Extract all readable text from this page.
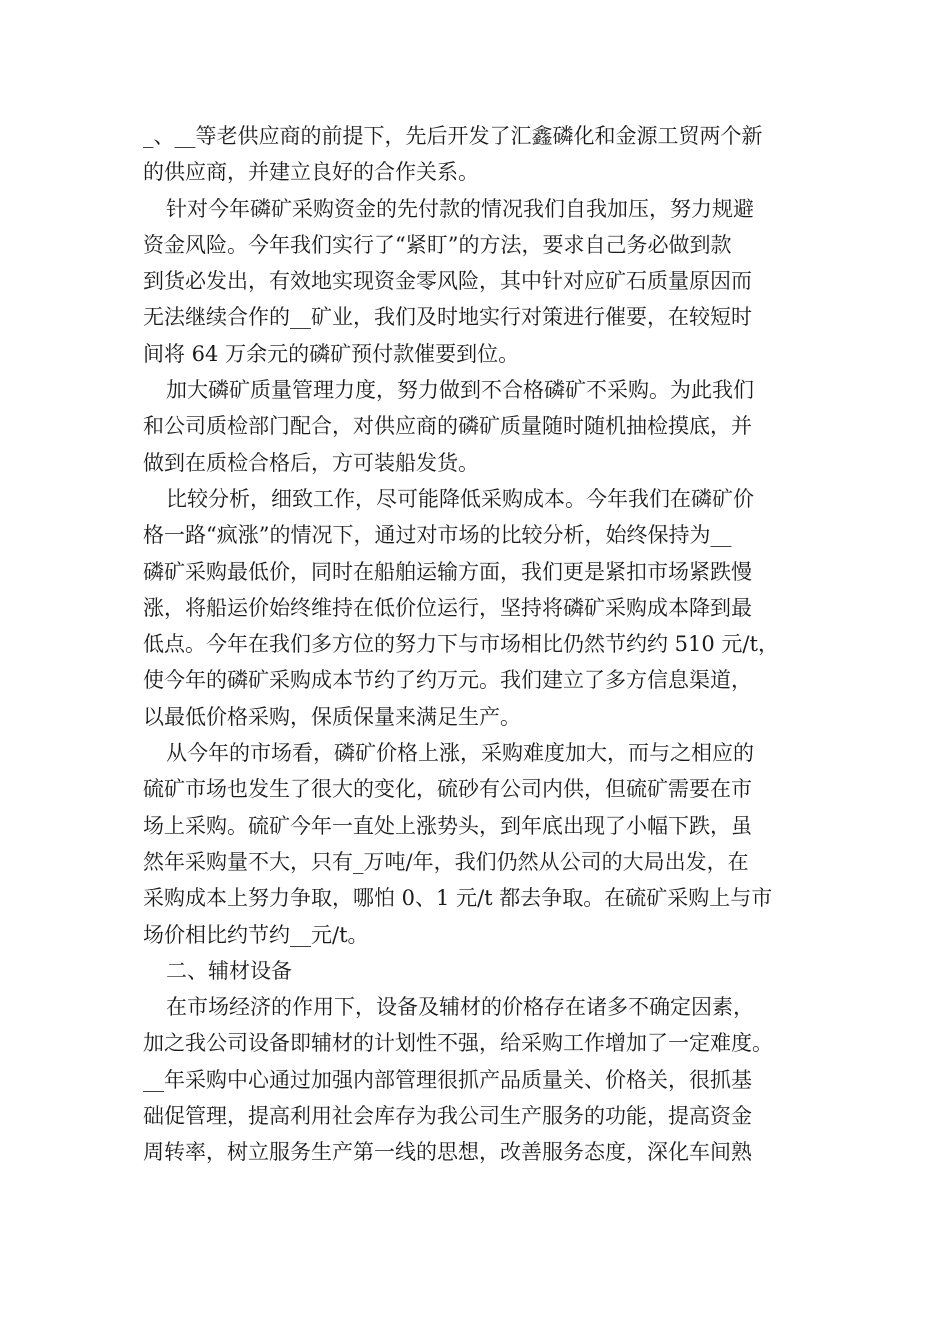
_、__等老供应商的前提下，先后开发了汇鑫磷化和金源工贸两个新
的供应商，并建立良好的合作关系。
针对今年磷矿采购资金的先付款的情况我们自我加压，努力规避
资金风险。今年我们实行了“紧盯”的方法，要求自己务必做到款
到货必发出，有效地实现资金零风险，其中针对应矿石质量原因而
无法继续合作的__矿业，我们及时地实行对策进行催要，在较短时
间将 64 万余元的磷矿预付款催要到位。
加大磷矿质量管理力度，努力做到不合格磷矿不采购。为此我们
和公司质检部门配合，对供应商的磷矿质量随时随机抽检摸底，并
做到在质检合格后，方可装船发货。
比较分析，细致工作，尽可能降低采购成本。今年我们在磷矿价
格一路“疯涨”的情况下，通过对市场的比较分析，始终保持为__
磷矿采购最低价，同时在船舶运输方面，我们更是紧扣市场紧跌慢
涨，将船运价始终维持在低价位运行，坚持将磷矿采购成本降到最
低点。今年在我们多方位的努力下与市场相比仍然节约约 510 元/t，
使今年的磷矿采购成本节约了约万元。我们建立了多方信息渠道，
以最低价格采购，保质保量来满足生产。
从今年的市场看，磷矿价格上涨，采购难度加大，而与之相应的
硫矿市场也发生了很大的变化，硫砂有公司内供，但硫矿需要在市
场上采购。硫矿今年一直处上涨势头，到年底出现了小幅下跌，虽
然年采购量不大，只有_万吨/年，我们仍然从公司的大局出发，在
采购成本上努力争取，哪怕 0、1 元/t 都去争取。在硫矿采购上与市
场价相比约节约__元/t。
二、辅材设备
在市场经济的作用下，设备及辅材的价格存在诸多不确定因素，
加之我公司设备即辅材的计划性不强，给采购工作增加了一定难度。
__年采购中心通过加强内部管理很抓产品质量关、价格关，很抓基
础促管理，提高利用社会库存为我公司生产服务的功能，提高资金
周转率，树立服务生产第一线的思想，改善服务态度，深化车间熟
